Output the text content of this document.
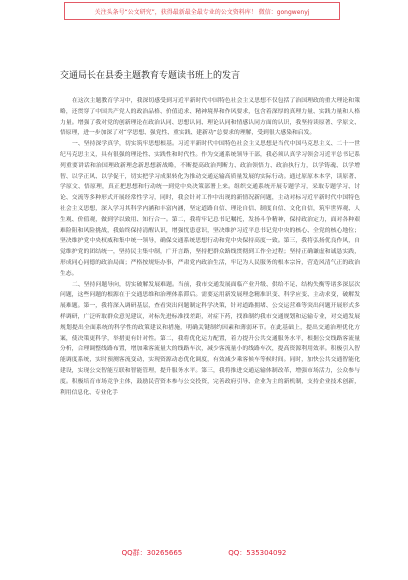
关注头条号“公文研究”，获得最新最全最专业的公文资料库！ 微信：gongwenyj
交通局长在县委主题教育专题读书班上的发言

在这次主题教育学习中，我深切感受到习近平新时代中国特色社会主义思想不仅包括了治国理政的重大理论和策略，还贯穿了中国共产党人的政治品格、价值追求、精神境界和作风要求，包含着深厚的真理力量、实践力量和人格力量。增强了我对党的创新理论在政治认同、思想认同、理论认同和情感认同方面的认识，我坚持读原著、学原文、悟原理，进一步加深了对“学思想、强党性、重实践、建新功”总要求的理解，受到很大感染和启发。

一、坚持深学真学，切实筑牢思想根基。习近平新时代中国特色社会主义思想是当代中国马克思主义、二十一世纪马克思主义，具有很强的理论性、实践性和时代性。作为交通系统领导干部，我必须认真学习领会习近平总书记系列重要讲话和治国理政新理念新思想新战略，不断提高政治判断力、政治领悟力、政治执行力，以学铸魂、以学增智、以学正风、以学促干，切实把学习成果转化为推动交通运输高质量发展的实际行动。通过原原本本学，读原著、学原文、悟原理，真正把思想和行动统一到党中央决策部署上来。组织交通系统开展专题学习，采取专题学习、讨论、交流等多种形式开展经常性学习，同时，我会针对工作中出现的新情况新问题，主动对标习近平新时代中国特色社会主义思想，深入学习其科学内涵和丰富内涵，坚定道路自信、理论自信、制度自信、文化自信，筑牢世界观、人生观、价值观，做到学以致用、知行合一。第二，我将牢记总书记嘱托，发扬斗争精神，保持政治定力，面对各种艰难险阻和风险挑战，我始终保持清醒认识，增强忧患意识，坚决维护习近平总书记党中央的核心、全党的核心地位；坚决维护党中央权威和集中统一领导，确保交通系统思想行动和党中央保持高度一致。第三，我将弘扬优良作风，自觉维护党的团结统一，坚持民主集中制，广开言路，坚持把群众路线贯彻到工作全过程；坚持正确谦虚和诚恳实践，形成同心同德的政治局面；严格按规矩办事，严肃党内政治生活，牢记为人民服务的根本宗旨，营造风清气正的政治生态。

二、坚持问题导向，切实破解发展难题。当前，我市交通发展面临产业升级、供给不足、结构失衡等诸多深层次问题，这些问题的根源在于交通思维和治理体系滞后。需要运用新发展理念精准识变、科学应变、主动求变，破解发展难题。第一，我将深入调研基层，查看突出问题制定科学决策，针对道路拥堵、公交运营难等突出问题开展形式多样调研，广泛听取群众意见建议，对标先进标准找差距，对症下药，找准制约我市交通规划和运输专业，对交通发展规划提出全面系统的科学性的政策建议和措施，明确关键制约因素和薄弱环节。在此基础上，提出交通治理优化方案，使决策更科学，举措更有针对性。第二，我将优化运力配置，着力提升公共交通服务水平，根据公交线路客流量分析，合理调整线路布置，增加乘客流量大的线路车次，减少客流量小的线路车次，提高资源利用效率。积极引入智能调度系统，实时预测客流变动，实现资源动态优化调度，有效减少乘客候车等候时间。同时，加快公共交通智能化建设，实现公交智能互联和智能管理，提升服务水平。第三，我将推进交通运输体制改革，增强市场活力，公众参与度。积极培育市场竞争主体，鼓励民营资本参与公交投资，完善政府引导、企业为主的新机制，支持企业技术创新，利用信息化、专业化手

QQ群：30265665	QQ：535304092
